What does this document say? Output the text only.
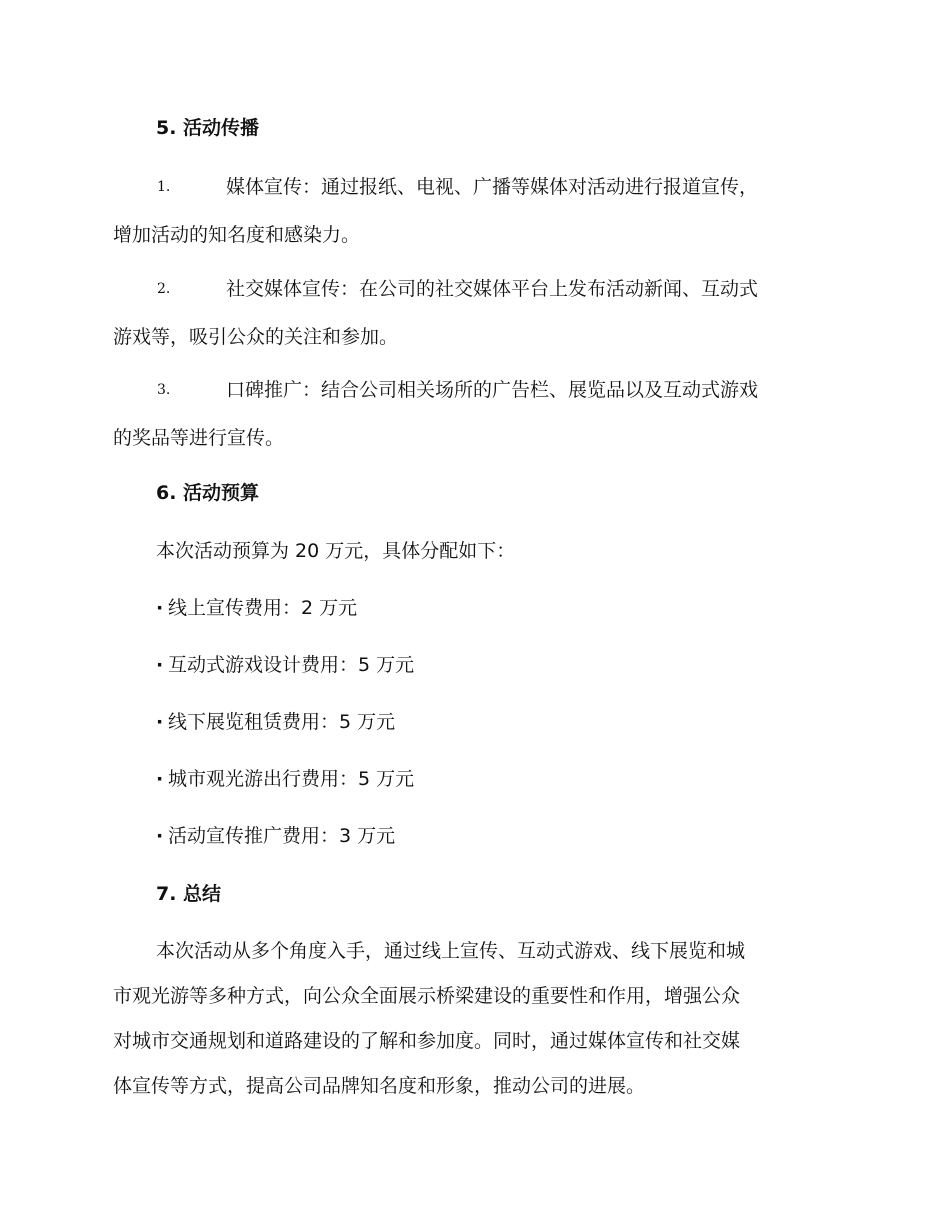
5. 活动传播
1.	媒体宣传：通过报纸、电视、广播等媒体对活动进行报道宣传，
增加活动的知名度和感染力。
2.	社交媒体宣传：在公司的社交媒体平台上发布活动新闻、互动式
游戏等，吸引公众的关注和参加。
3.	口碑推广：结合公司相关场所的广告栏、展览品以及互动式游戏
的奖品等进行宣传。
6. 活动预算
本次活动预算为 20 万元，具体分配如下：
· 线上宣传费用：2 万元
· 互动式游戏设计费用：5 万元
· 线下展览租赁费用：5 万元
· 城市观光游出行费用：5 万元
· 活动宣传推广费用：3 万元
7. 总结
本次活动从多个角度入手，通过线上宣传、互动式游戏、线下展览和城
市观光游等多种方式，向公众全面展示桥梁建设的重要性和作用，增强公众
对城市交通规划和道路建设的了解和参加度。同时，通过媒体宣传和社交媒
体宣传等方式，提高公司品牌知名度和形象，推动公司的进展。
